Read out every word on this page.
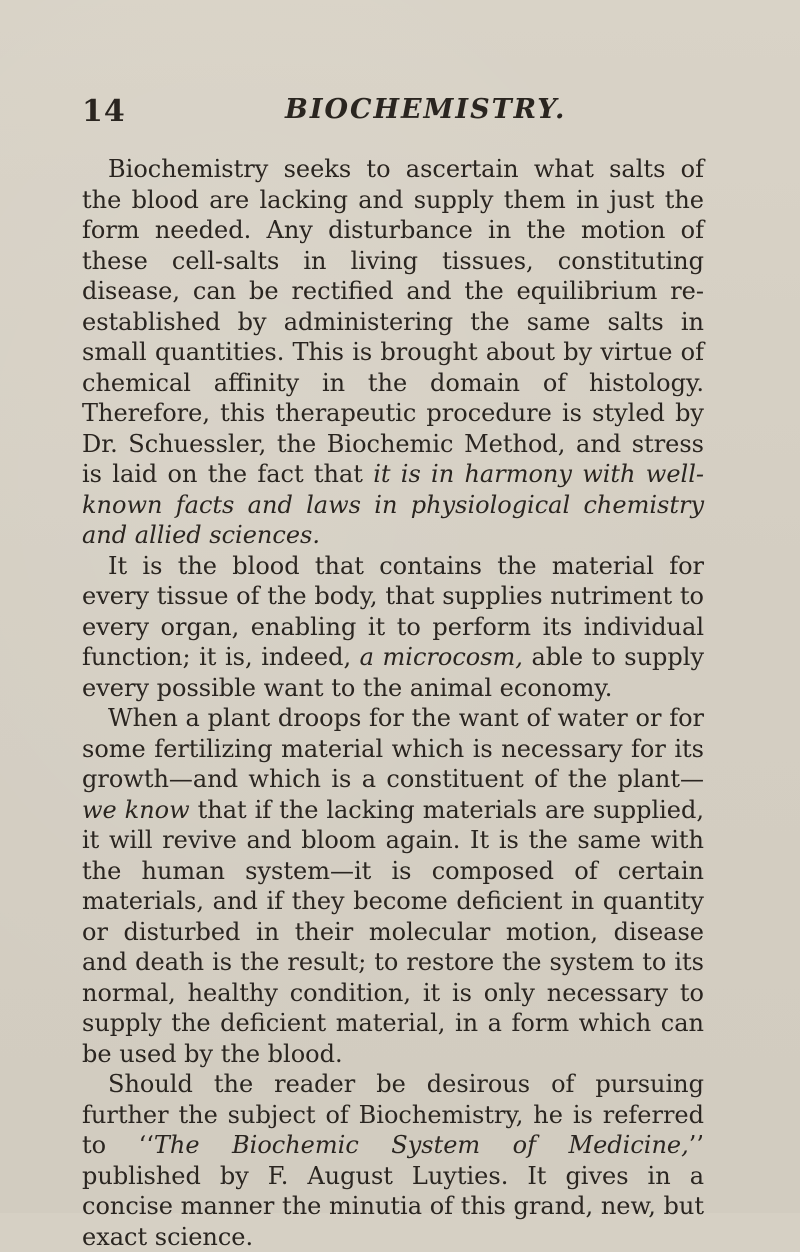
14	BIOCHEMISTRY.

Biochemistry seeks to ascertain what salts of the blood are lacking and supply them in just the form needed. Any disturbance in the motion of these cell-salts in living tissues, constituting disease, can be rectified and the equilibrium re-established by administering the same salts in small quantities. This is brought about by virtue of chemical affinity in the domain of histology. Therefore, this therapeutic procedure is styled by Dr. Schuessler, the Biochemic Method, and stress is laid on the fact that it is in harmony with well-known facts and laws in physiological chemistry and allied sciences.

It is the blood that contains the material for every tissue of the body, that supplies nutriment to every organ, enabling it to perform its individual function; it is, indeed, a microcosm, able to supply every possible want to the animal economy.

When a plant droops for the want of water or for some fertilizing material which is necessary for its growth—and which is a constituent of the plant—we know that if the lacking materials are supplied, it will revive and bloom again. It is the same with the human system—it is composed of certain materials, and if they become deficient in quantity or disturbed in their molecular motion, disease and death is the result; to restore the system to its normal, healthy condition, it is only necessary to supply the deficient material, in a form which can be used by the blood.

Should the reader be desirous of pursuing further the subject of Biochemistry, he is referred to ‘‘The Biochemic System of Medicine,’’ published by F. August Luyties. It gives in a concise manner the minutia of this grand, new, but exact science.
